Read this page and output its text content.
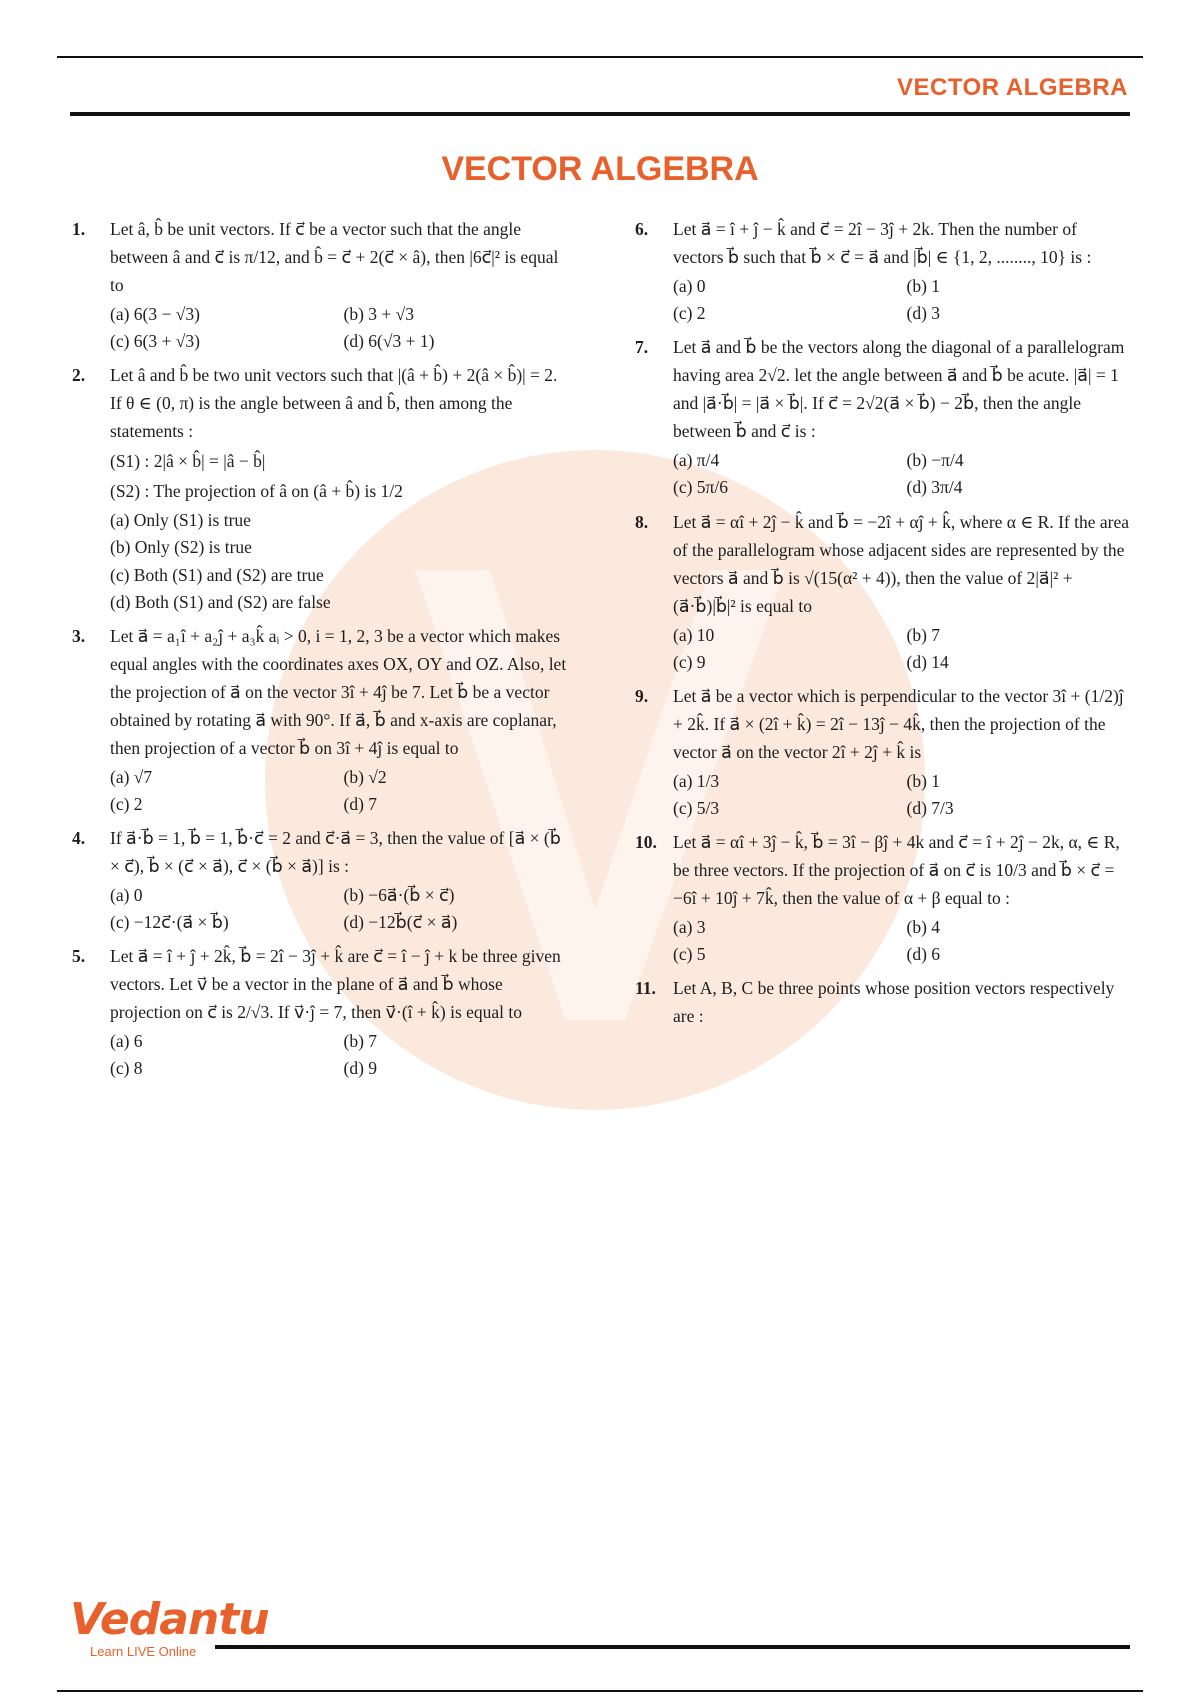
VECTOR ALGEBRA
VECTOR ALGEBRA
1. Let â, b̂ be unit vectors. If c⃗ be a vector such that the angle between â and c⃗ is π/12, and b̂ = c⃗ + 2(c⃗ × â), then |6c⃗|² is equal to
(a) 6(3 − √3)	(b) 3 + √3
(c) 6(3 + √3)	(d) 6(√3 + 1)
2. Let â and b̂ be two unit vectors such that |(â + b̂) + 2(â × b̂)| = 2. If θ ∈ (0, π) is the angle between â and b̂, then among the statements :
(S1) : 2|â × b̂| = |â − b̂|
(S2) : The projection of â on (â + b̂) is 1/2
(a) Only (S1) is true
(b) Only (S2) is true
(c) Both (S1) and (S2) are true
(d) Both (S1) and (S2) are false
3. Let a⃗ = a₁î + a₂ĵ + a₃k̂ aᵢ > 0, i = 1, 2, 3 be a vector which makes equal angles with the coordinates axes OX, OY and OZ. Also, let the projection of a⃗ on the vector 3î + 4ĵ be 7. Let b⃗ be a vector obtained by rotating a⃗ with 90°. If a⃗, b⃗ and x-axis are coplanar, then projection of a vector b⃗ on 3î + 4ĵ is equal to
(a) √7	(b) √2
(c) 2	(d) 7
4. If a⃗·b⃗ = 1, b⃗ = 1, b⃗·c⃗ = 2 and c⃗·a⃗ = 3, then the value of [a⃗ × (b⃗ × c⃗), b⃗ × (c⃗ × a⃗), c⃗ × (b⃗ × a⃗)] is :
(a) 0	(b) −6a⃗·(b⃗ × c⃗)
(c) −12c⃗·(a⃗ × b⃗)	(d) −12b⃗(c⃗ × a⃗)
5. Let a⃗ = î + ĵ + 2k̂, b⃗ = 2î − 3ĵ + k̂ are c⃗ = î − ĵ + k be three given vectors. Let v⃗ be a vector in the plane of a⃗ and b⃗ whose projection on c⃗ is 2/√3. If v⃗·ĵ = 7, then v⃗·(î + k̂) is equal to
(a) 6	(b) 7
(c) 8	(d) 9
6. Let a⃗ = î + ĵ − k̂ and c⃗ = 2î − 3ĵ + 2k. Then the number of vectors b⃗ such that b⃗ × c⃗ = a⃗ and |b⃗| ∈ {1, 2, ........, 10} is :
(a) 0	(b) 1
(c) 2	(d) 3
7. Let a⃗ and b⃗ be the vectors along the diagonal of a parallelogram having area 2√2. let the angle between a⃗ and b⃗ be acute. |a⃗| = 1 and |a⃗·b⃗| = |a⃗ × b⃗|. If c⃗ = 2√2(a⃗ × b⃗) − 2b⃗, then the angle between b⃗ and c⃗ is :
(a) π/4	(b) −π/4
(c) 5π/6	(d) 3π/4
8. Let a⃗ = αî + 2ĵ − k̂ and b⃗ = −2î + αĵ + k̂, where α ∈ R. If the area of the parallelogram whose adjacent sides are represented by the vectors a⃗ and b⃗ is √(15(α² + 4)), then the value of 2|a⃗|² + (a⃗·b⃗)|b⃗|² is equal to
(a) 10	(b) 7
(c) 9	(d) 14
9. Let a⃗ be a vector which is perpendicular to the vector 3î + (1/2)ĵ + 2k̂. If a⃗ × (2î + k̂) = 2î − 13ĵ − 4k̂, then the projection of the vector a⃗ on the vector 2î + 2ĵ + k̂ is
(a) 1/3	(b) 1
(c) 5/3	(d) 7/3
10. Let a⃗ = αî + 3ĵ − k̂, b⃗ = 3î − βĵ + 4k and c⃗ = î + 2ĵ − 2k, α, ∈ R, be three vectors. If the projection of a⃗ on c⃗ is 10/3 and b⃗ × c⃗ = −6î + 10ĵ + 7k̂, then the value of α + β equal to :
(a) 3	(b) 4
(c) 5	(d) 6
11. Let A, B, C be three points whose position vectors respectively are :
Vedantu
Learn LIVE Online
